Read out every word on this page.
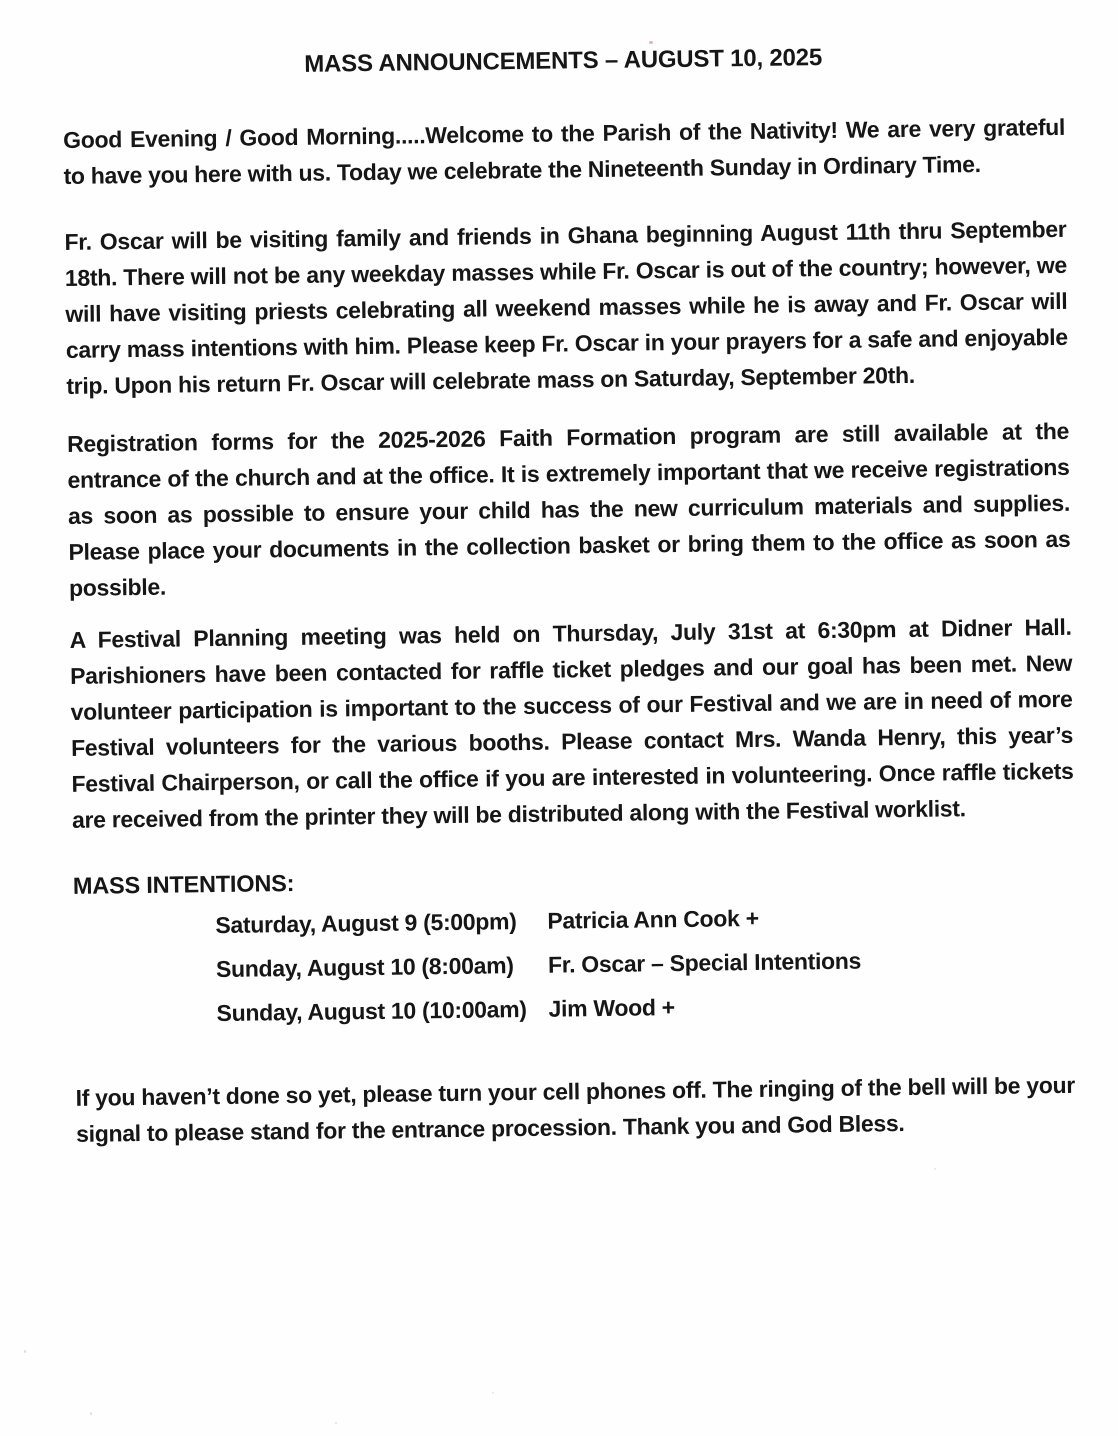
MASS ANNOUNCEMENTS – AUGUST 10, 2025

Good Evening / Good Morning.....Welcome to the Parish of the Nativity! We are very grateful to have you here with us. Today we celebrate the Nineteenth Sunday in Ordinary Time.

Fr. Oscar will be visiting family and friends in Ghana beginning August 11th thru September 18th. There will not be any weekday masses while Fr. Oscar is out of the country; however, we will have visiting priests celebrating all weekend masses while he is away and Fr. Oscar will carry mass intentions with him. Please keep Fr. Oscar in your prayers for a safe and enjoyable trip. Upon his return Fr. Oscar will celebrate mass on Saturday, September 20th.

Registration forms for the 2025-2026 Faith Formation program are still available at the entrance of the church and at the office. It is extremely important that we receive registrations as soon as possible to ensure your child has the new curriculum materials and supplies. Please place your documents in the collection basket or bring them to the office as soon as possible.

A Festival Planning meeting was held on Thursday, July 31st at 6:30pm at Didner Hall. Parishioners have been contacted for raffle ticket pledges and our goal has been met. New volunteer participation is important to the success of our Festival and we are in need of more Festival volunteers for the various booths. Please contact Mrs. Wanda Henry, this year’s Festival Chairperson, or call the office if you are interested in volunteering. Once raffle tickets are received from the printer they will be distributed along with the Festival worklist.

MASS INTENTIONS:
Saturday, August 9 (5:00pm)	Patricia Ann Cook +
Sunday, August 10 (8:00am)	Fr. Oscar – Special Intentions
Sunday, August 10 (10:00am) Jim Wood +

If you haven’t done so yet, please turn your cell phones off. The ringing of the bell will be your signal to please stand for the entrance procession. Thank you and God Bless.
